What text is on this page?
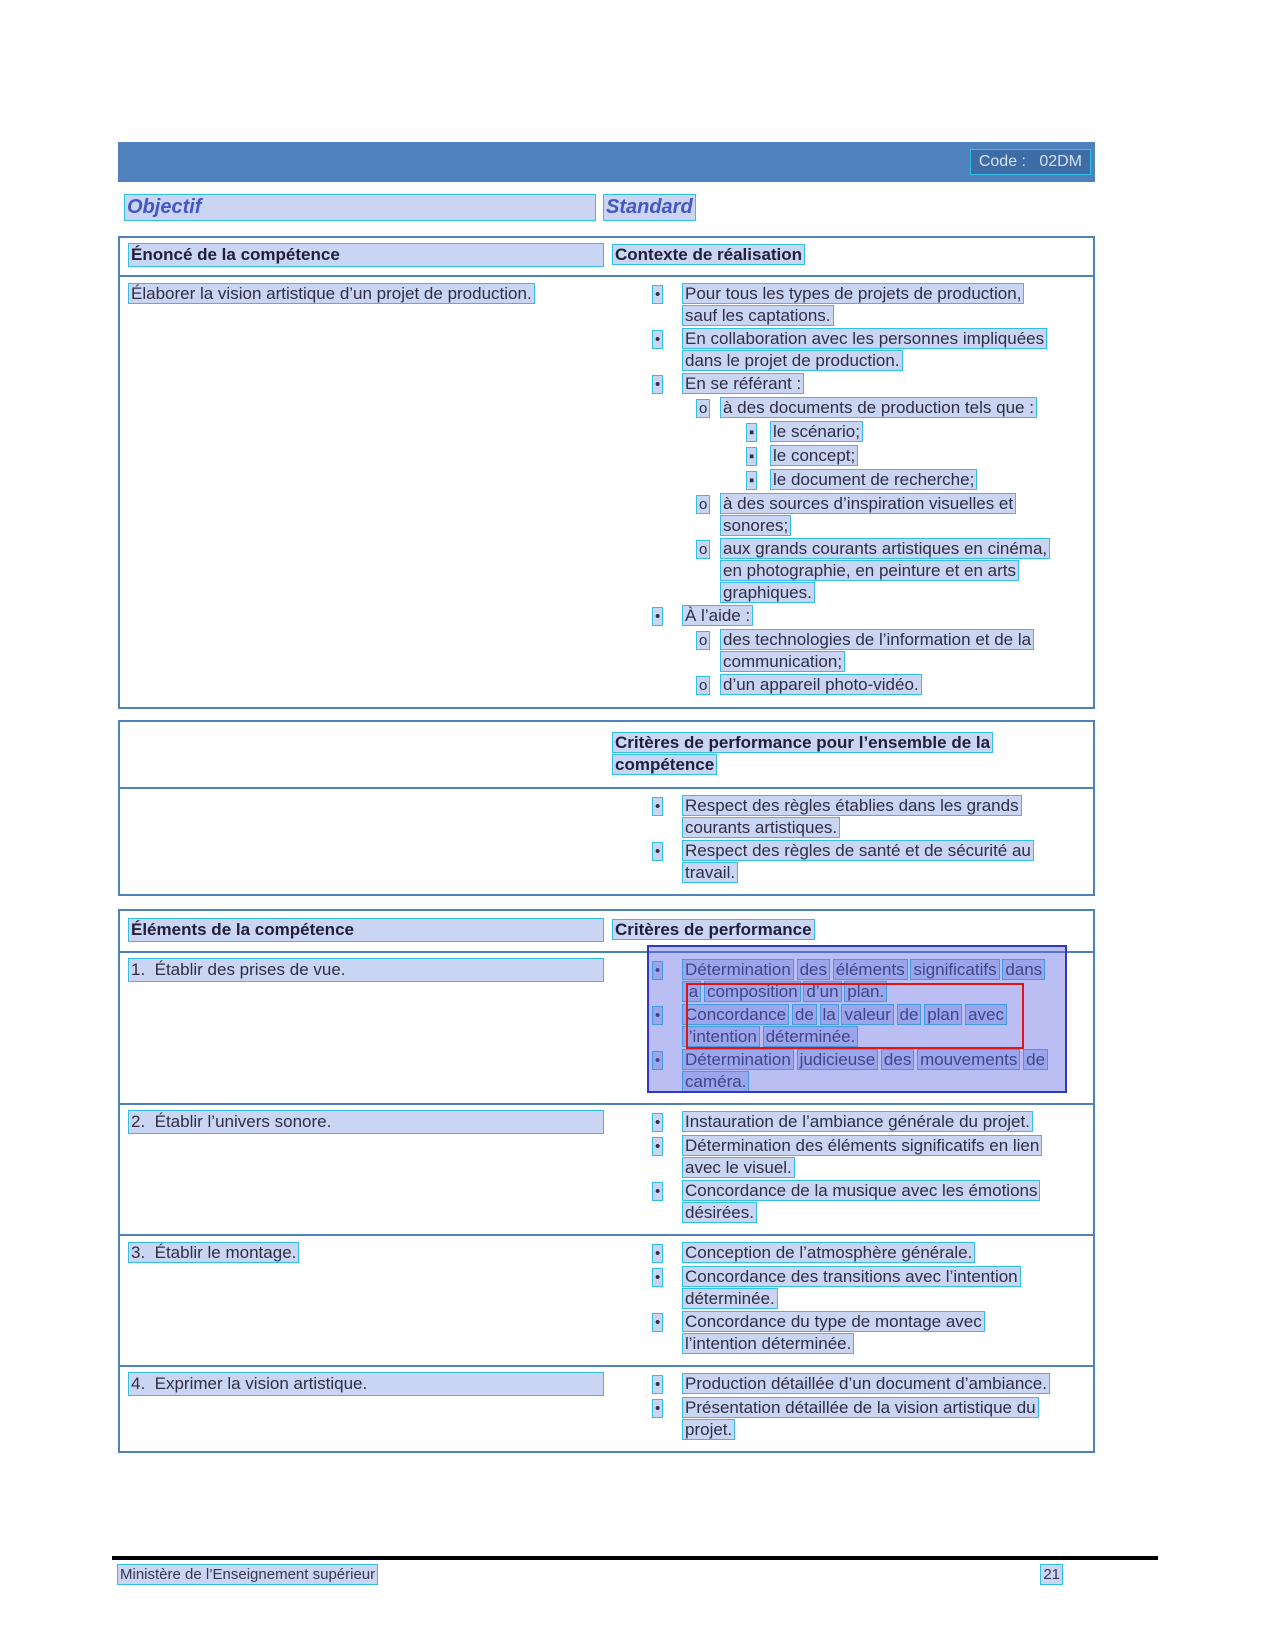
Code :   02DM
Objectif	Standard
Énoncé de la compétence	Contexte de réalisation
Élaborer la vision artistique d’un projet de production.	•	Pour tous les types de projets de production, sauf les captations.
•	En collaboration avec les personnes impliquées dans le projet de production.
•	En se référant :
o à des documents de production tels que :
▪	le scénario;
▪	le concept;
▪	le document de recherche;
o à des sources d’inspiration visuelles et sonores;
o aux grands courants artistiques en cinéma, en photographie, en peinture et en arts graphiques.
•	À l’aide :
o des technologies de l’information et de la communication;
o d’un appareil photo-vidéo.
Critères de performance pour l’ensemble de la compétence
•	Respect des règles établies dans les grands courants artistiques.
•	Respect des règles de santé et de sécurité au travail.
Éléments de la compétence	Critères de performance
1.  Établir des prises de vue.	•	Détermination des éléments significatifs dans la composition d’un plan.
•	Concordance de la valeur de plan avec l’intention déterminée.
•	Détermination judicieuse des mouvements de caméra.
2.  Établir l’univers sonore.	•	Instauration de l’ambiance générale du projet.
•	Détermination des éléments significatifs en lien avec le visuel.
•	Concordance de la musique avec les émotions désirées.
3.  Établir le montage.	•	Conception de l’atmosphère générale.
•	Concordance des transitions avec l’intention déterminée.
•	Concordance du type de montage avec l’intention déterminée.
4.  Exprimer la vision artistique.	•	Production détaillée d’un document d’ambiance.
•	Présentation détaillée de la vision artistique du projet.
Ministère de l’Enseignement supérieur	21
